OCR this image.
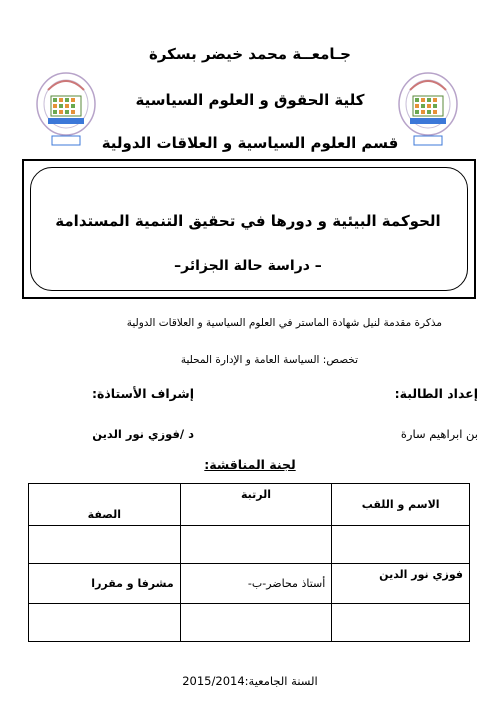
جـامعــة محمد خيضر بسكرة
كلية الحقوق و العلوم السياسية
قسم العلوم السياسية و العلاقات الدولية
الحوكمة البيئية و دورها في تحقيق التنمية المستدامة
– دراسة حالة الجزائر–
مذكرة مقدمة لنيل شهادة الماستر في العلوم السياسية و العلاقات الدولية
تخصص: السياسة العامة و الإدارة المحلية
إعداد الطالبة:
إشراف الأستاذة:
بن ابراهيم سارة
د /فوزي نور الدين
لجنة المناقشة:
الصفة	الرتبة	الاسم و اللقب

مشرفا و مقررا	أستاذ محاضر-ب-	فوزي نور الدين

2015/2014السنة الجامعية:
